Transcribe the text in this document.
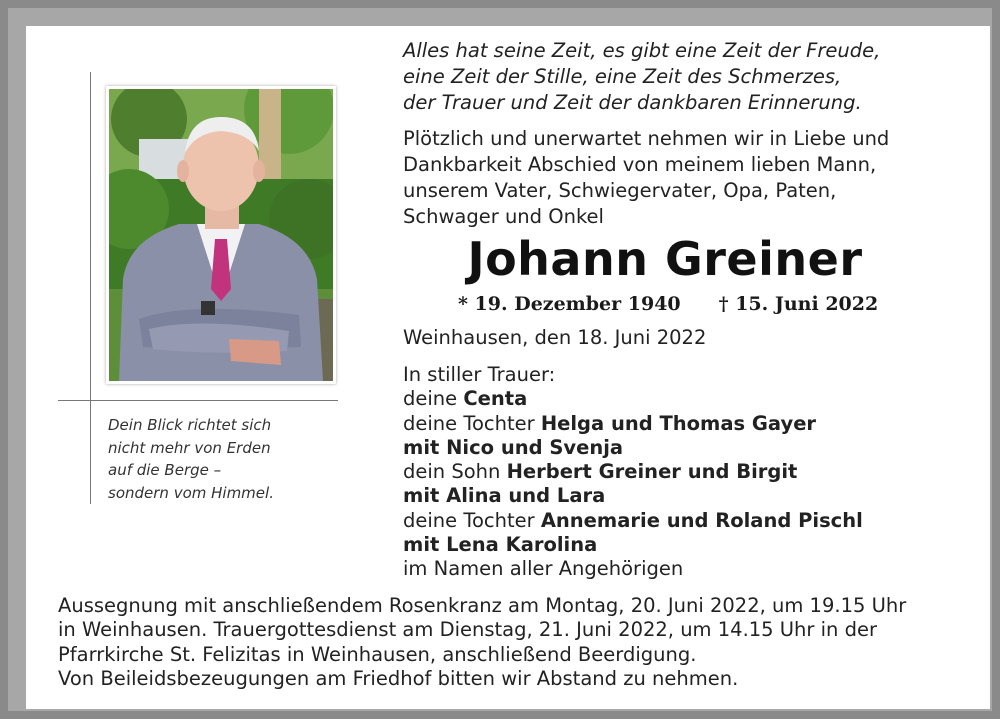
Alles hat seine Zeit, es gibt eine Zeit der Freude,
eine Zeit der Stille, eine Zeit des Schmerzes,
der Trauer und Zeit der dankbaren Erinnerung.
Plötzlich und unerwartet nehmen wir in Liebe und
Dankbarkeit Abschied von meinem lieben Mann,
unserem Vater, Schwiegervater, Opa, Paten,
Schwager und Onkel
Johann Greiner
* 19. Dezember 1940 † 15. Juni 2022
Weinhausen, den 18. Juni 2022
In stiller Trauer:
deine Centa
deine Tochter Helga und Thomas Gayer
mit Nico und Svenja
dein Sohn Herbert Greiner und Birgit
mit Alina und Lara
deine Tochter Annemarie und Roland Pischl
mit Lena Karolina
im Namen aller Angehörigen
Dein Blick richtet sich
nicht mehr von Erden
auf die Berge –
sondern vom Himmel.
Aussegnung mit anschließendem Rosenkranz am Montag, 20. Juni 2022, um 19.15 Uhr
in Weinhausen. Trauergottesdienst am Dienstag, 21. Juni 2022, um 14.15 Uhr in der
Pfarrkirche St. Felizitas in Weinhausen, anschließend Beerdigung.
Von Beileidsbezeugungen am Friedhof bitten wir Abstand zu nehmen.
